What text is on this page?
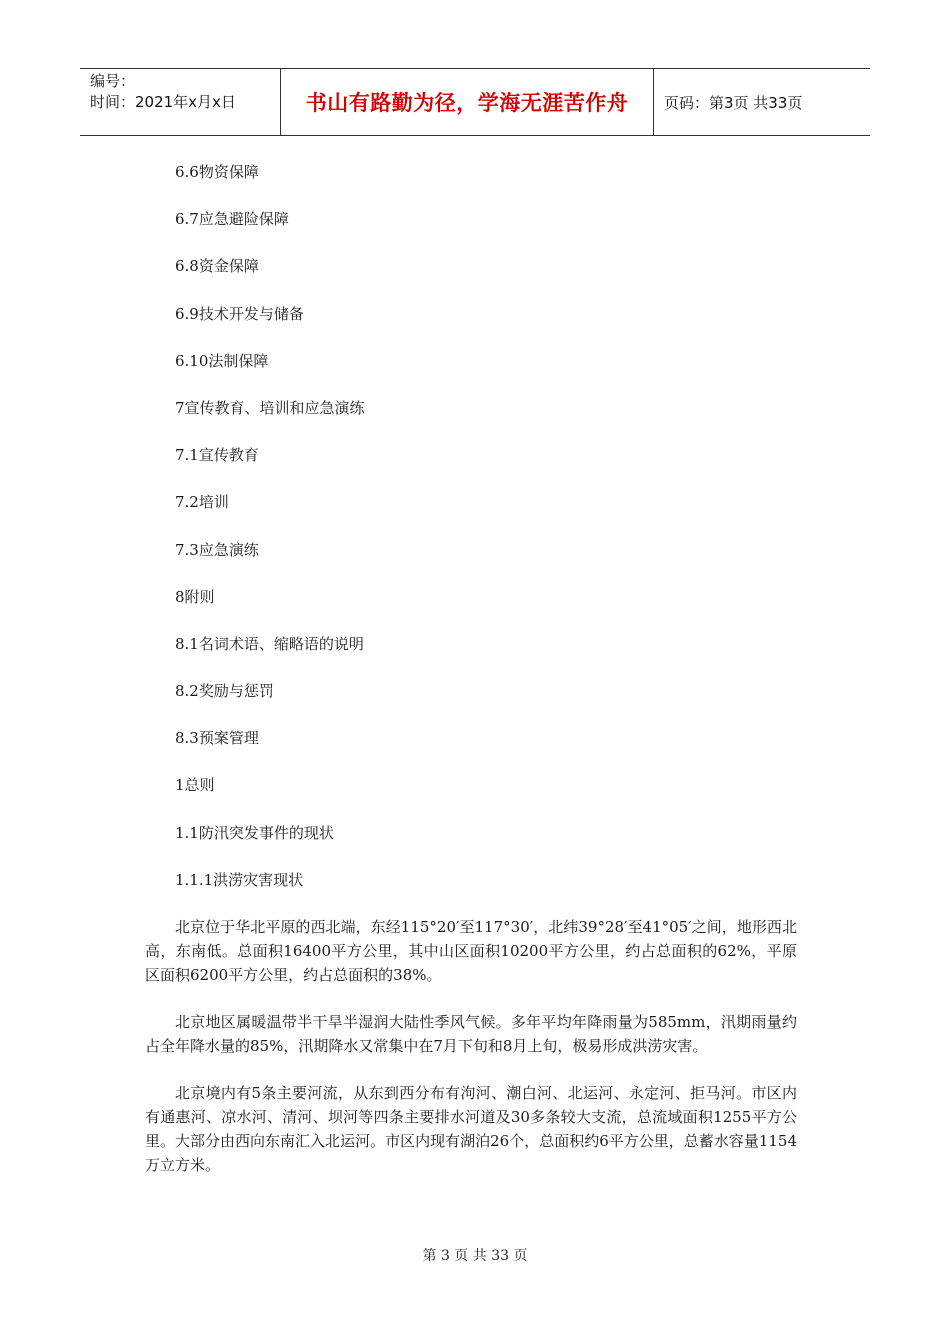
编号：
时间：2021年x月x日	书山有路勤为径，学海无涯苦作舟	页码：第3页 共33页
6.6物资保障
6.7应急避险保障
6.8资金保障
6.9技术开发与储备
6.10法制保障
7宣传教育、培训和应急演练
7.1宣传教育
7.2培训
7.3应急演练
8附则
8.1名词术语、缩略语的说明
8.2奖励与惩罚
8.3预案管理
1总则
1.1防汛突发事件的现状
1.1.1洪涝灾害现状

北京位于华北平原的西北端，东经115°20′至117°30′，北纬39°28′至41°05′之间，地形西北高，东南低。总面积16400平方公里，其中山区面积10200平方公里，约占总面积的62%，平原区面积6200平方公里，约占总面积的38%。

北京地区属暖温带半干旱半湿润大陆性季风气候。多年平均年降雨量为585mm，汛期雨量约占全年降水量的85%，汛期降水又常集中在7月下旬和8月上旬，极易形成洪涝灾害。

北京境内有5条主要河流，从东到西分布有泃河、潮白河、北运河、永定河、拒马河。市区内有通惠河、凉水河、清河、坝河等四条主要排水河道及30多条较大支流，总流域面积1255平方公里。大部分由西向东南汇入北运河。市区内现有湖泊26个，总面积约6平方公里，总蓄水容量1154万立方米。

第 3 页 共 33 页
